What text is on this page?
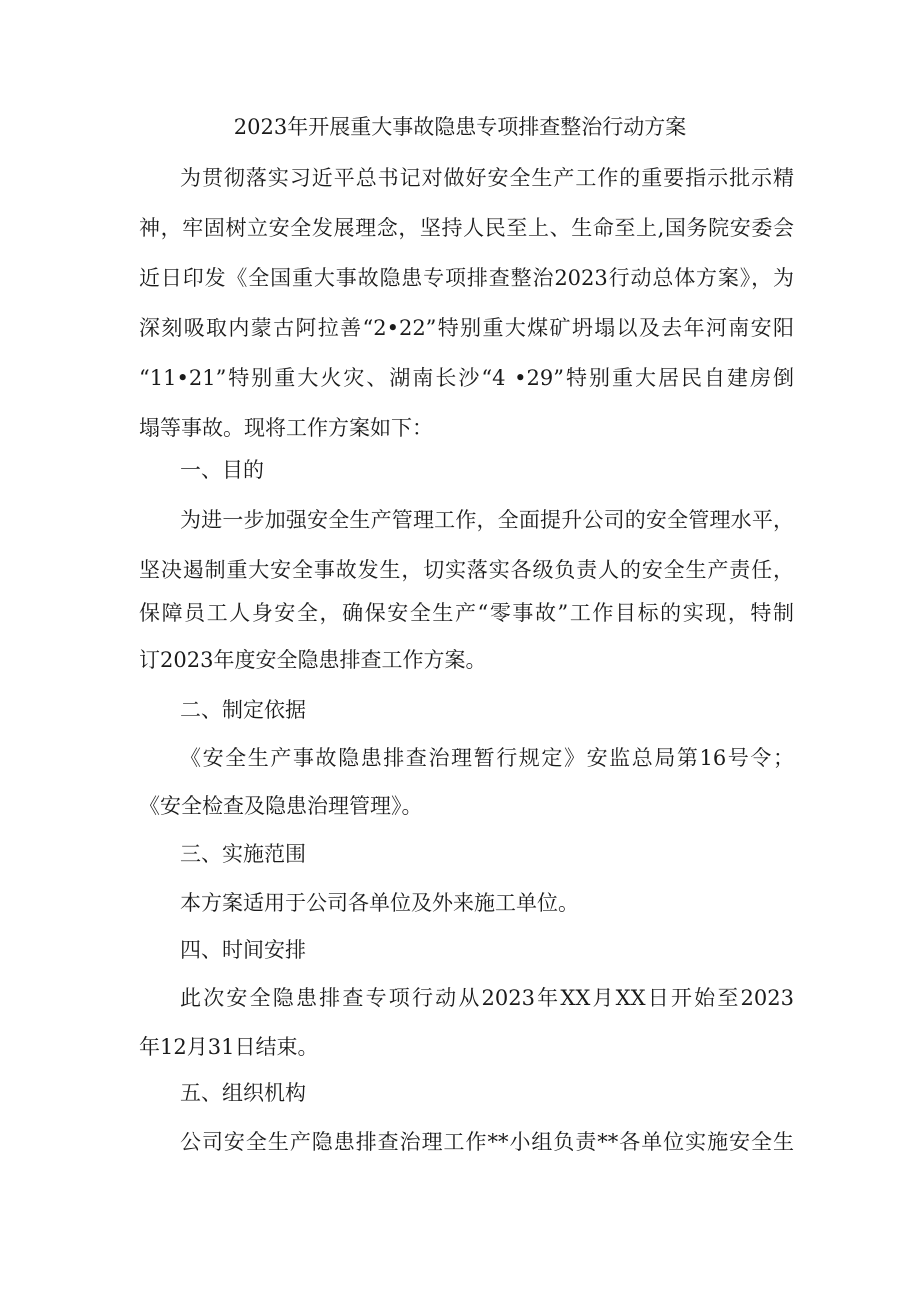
2023年开展重大事故隐患专项排查整治行动方案
为贯彻落实习近平总书记对做好安全生产工作的重要指示批示精
神，牢固树立安全发展理念，坚持人民至上、生命至上,国务院安委会
近日印发《全国重大事故隐患专项排查整治2023行动总体方案》，为
深刻吸取内蒙古阿拉善“2•22”特别重大煤矿坍塌以及去年河南安阳
“11•21”特别重大火灾、湖南长沙“4 •29”特别重大居民自建房倒
塌等事故。现将工作方案如下：
一、目的
为进一步加强安全生产管理工作，全面提升公司的安全管理水平，
坚决遏制重大安全事故发生，切实落实各级负责人的安全生产责任，
保障员工人身安全，确保安全生产“零事故”工作目标的实现，特制
订2023年度安全隐患排查工作方案。
二、制定依据
《安全生产事故隐患排查治理暂行规定》安监总局第16号令；
《安全检查及隐患治理管理》。
三、实施范围
本方案适用于公司各单位及外来施工单位。
四、时间安排
此次安全隐患排查专项行动从2023年XX月XX日开始至2023
年12月31日结束。
五、组织机构
公司安全生产隐患排查治理工作**小组负责**各单位实施安全生
